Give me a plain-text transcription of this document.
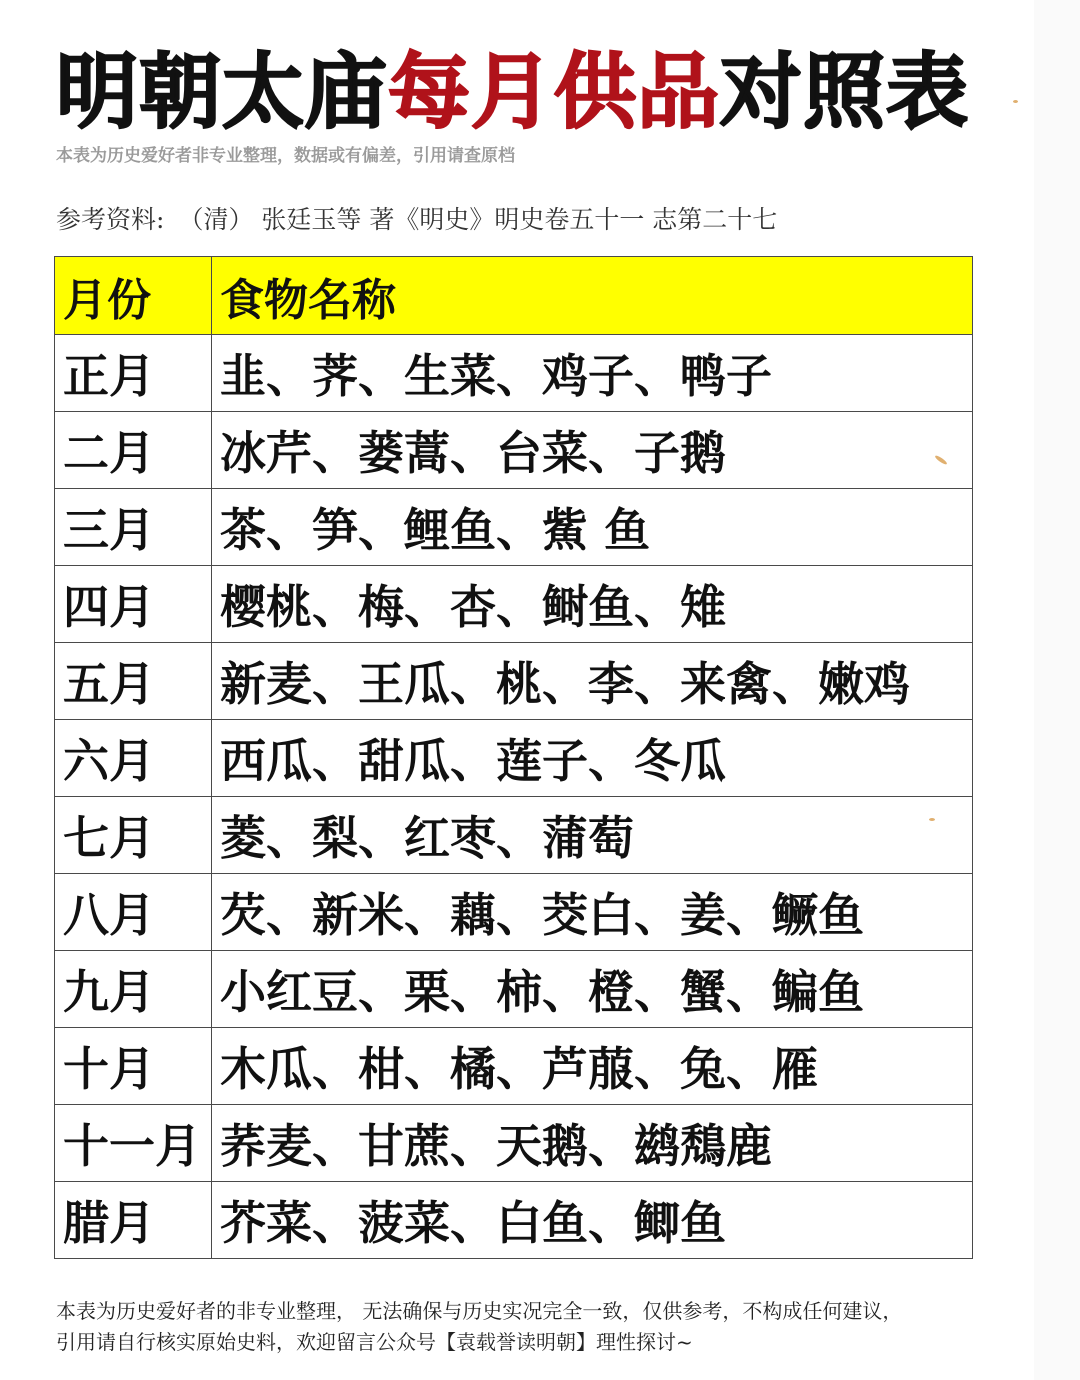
明朝太庙每月供品对照表
本表为历史爱好者非专业整理，数据或有偏差，引用请查原档
参考资料: （清） 张廷玉等 著《明史》明史卷五十一 志第二十七
月份	食物名称
正月	韭、荠、生菜、鸡子、鸭子
二月	冰芹、蒌蒿、台菜、子鹅
三月	茶、笋、鲤鱼、鮆 鱼
四月	樱桃、梅、杏、鲥鱼、雉
五月	新麦、王瓜、桃、李、来禽、嫩鸡
六月	西瓜、甜瓜、莲子、冬瓜
七月	菱、梨、红枣、蒲萄
八月	芡、新米、藕、茭白、姜、鳜鱼
九月	小红豆、栗、柿、橙、蟹、鳊鱼
十月	木瓜、柑、橘、芦菔、兔、雁
十一月	荞麦、甘蔗、天鹅、鹚鵚鹿
腊月	芥菜、菠菜、白鱼、鲫鱼

本表为历史爱好者的非专业整理， 无法确保与历史实况完全一致，仅供参考，不构成任何建议，

引用请自行核实原始史料，欢迎留言公众号【袁载誉读明朝】理性探讨~
